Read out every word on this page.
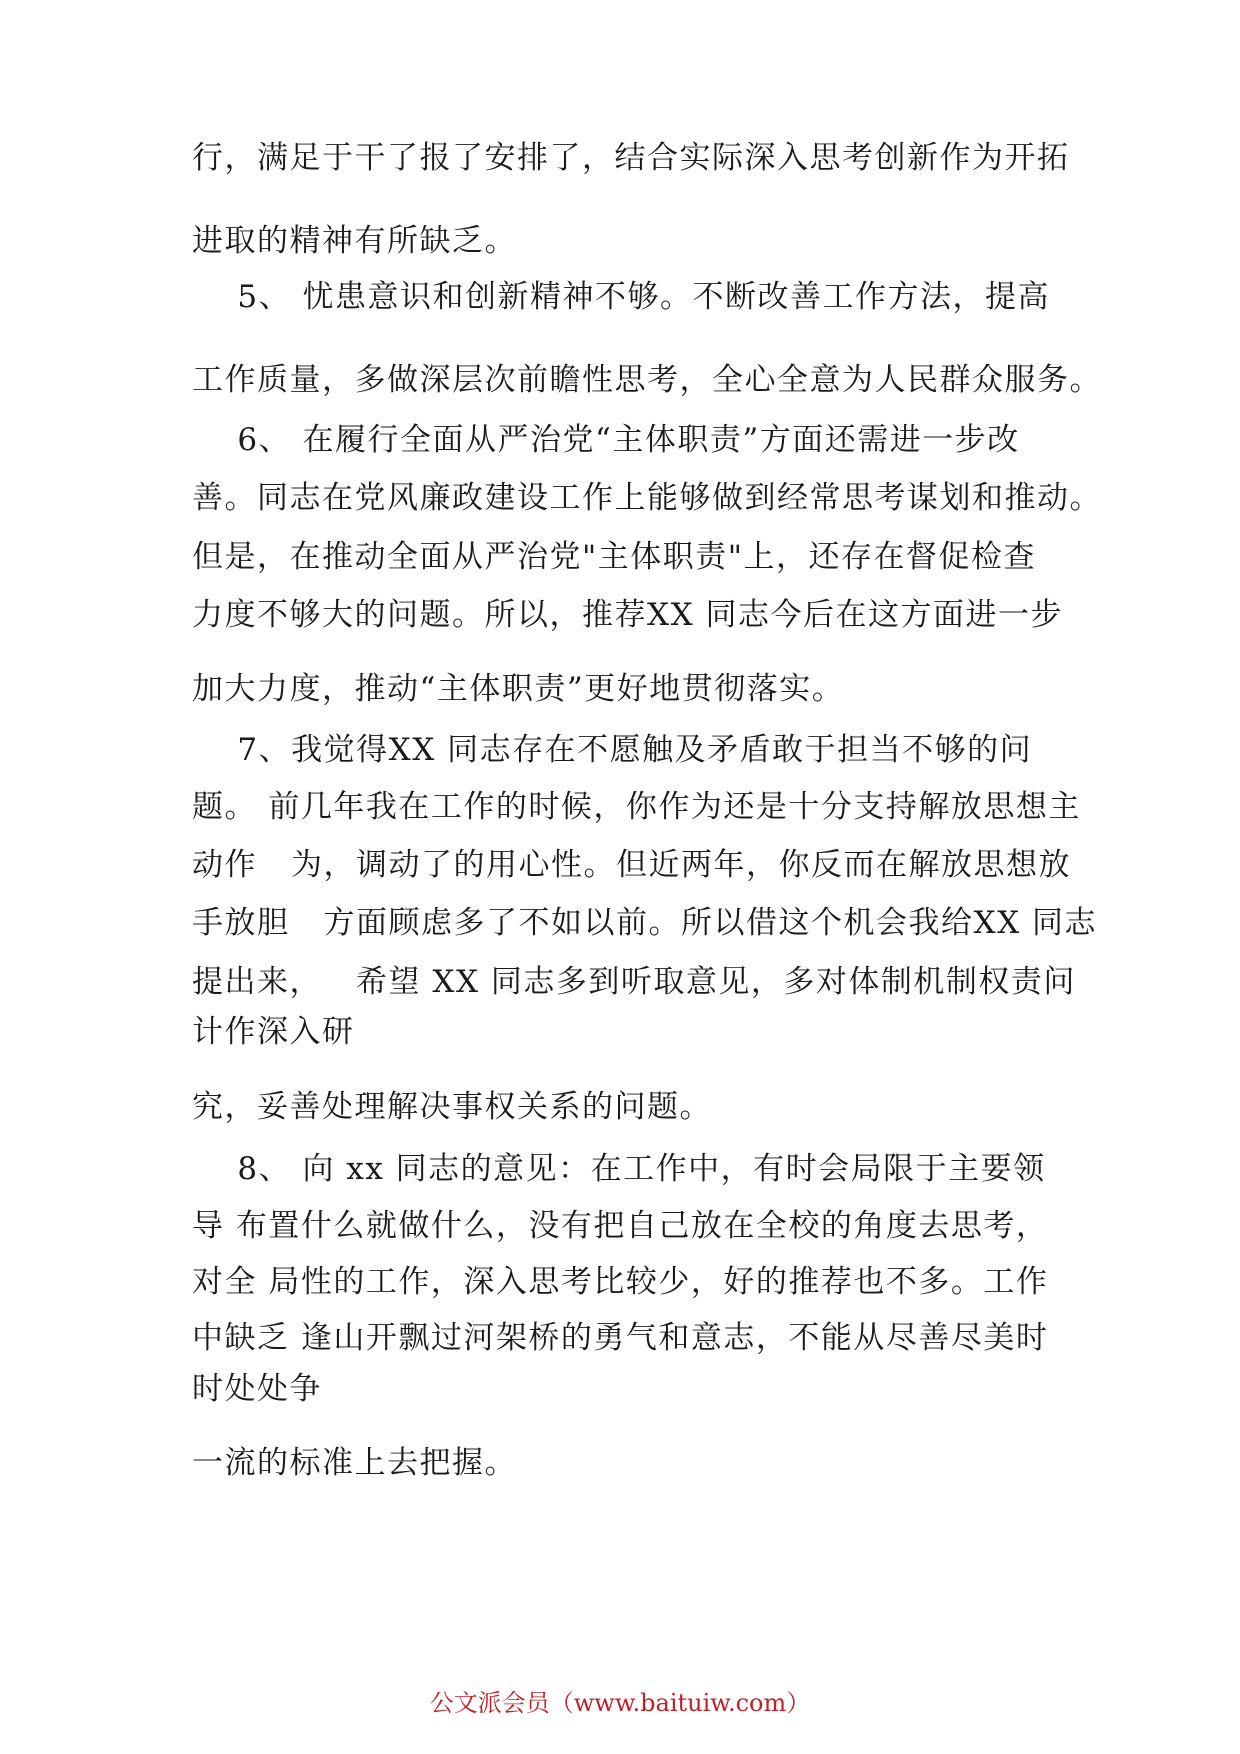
行，满足于干了报了安排了，结合实际深入思考创新作为开拓
进取的精神有所缺乏。
5、 忧患意识和创新精神不够。不断改善工作方法，提高
工作质量，多做深层次前瞻性思考，全心全意为人民群众服务。
6、 在履行全面从严治党“主体职责”方面还需进一步改
善。同志在党风廉政建设工作上能够做到经常思考谋划和推动。
但是，在推动全面从严治党"主体职责"上，还存在督促检查
力度不够大的问题。所以，推荐XX 同志今后在这方面进一步
加大力度，推动“主体职责”更好地贯彻落实。
7、我觉得XX 同志存在不愿触及矛盾敢于担当不够的问
题。 前几年我在工作的时候，你作为还是十分支持解放思想主
动作   为，调动了的用心性。但近两年，你反而在解放思想放
手放胆   方面顾虑多了不如以前。所以借这个机会我给XX 同志
提出来，   希望 XX 同志多到听取意见，多对体制机制权责问
计作深入研
究，妥善处理解决事权关系的问题。
8、 向 xx 同志的意见：在工作中，有时会局限于主要领
导 布置什么就做什么，没有把自己放在全校的角度去思考，
对全 局性的工作，深入思考比较少，好的推荐也不多。工作
中缺乏 逢山开飘过河架桥的勇气和意志，不能从尽善尽美时
时处处争
一流的标准上去把握。
公文派会员（www.baituiw.com）
